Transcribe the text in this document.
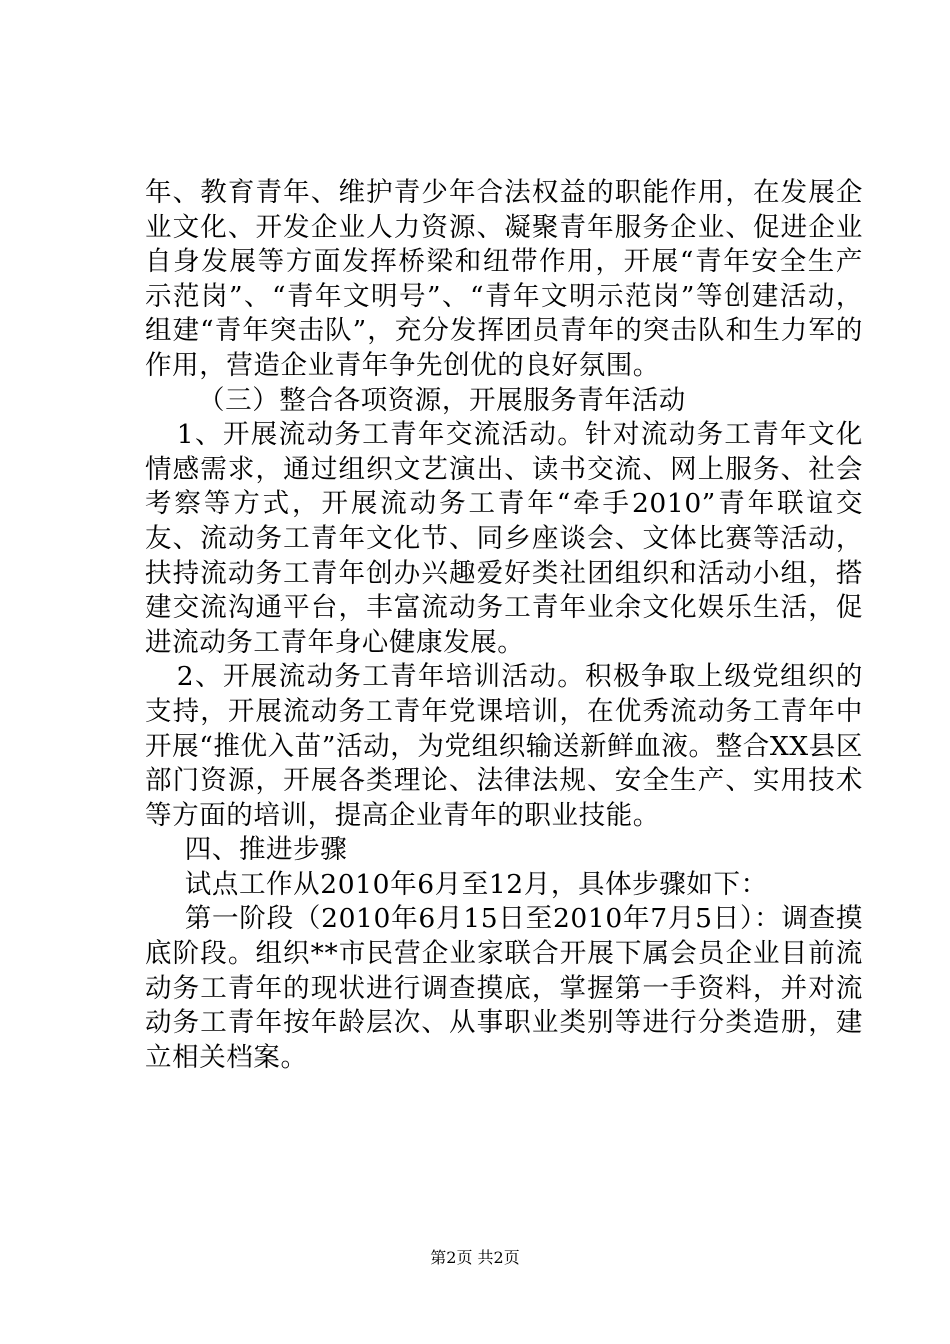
年、教育青年、维护青少年合法权益的职能作用，在发展企业文化、开发企业人力资源、凝聚青年服务企业、促进企业自身发展等方面发挥桥梁和纽带作用，开展“青年安全生产示范岗”、“青年文明号”、“青年文明示范岗”等创建活动，组建“青年突击队”，充分发挥团员青年的突击队和生力军的作用，营造企业青年争先创优的良好氛围。

（三）整合各项资源，开展服务青年活动

1、开展流动务工青年交流活动。针对流动务工青年文化情感需求，通过组织文艺演出、读书交流、网上服务、社会考察等方式，开展流动务工青年“牵手2010”青年联谊交友、流动务工青年文化节、同乡座谈会、文体比赛等活动，扶持流动务工青年创办兴趣爱好类社团组织和活动小组，搭建交流沟通平台，丰富流动务工青年业余文化娱乐生活，促进流动务工青年身心健康发展。

2、开展流动务工青年培训活动。积极争取上级党组织的支持，开展流动务工青年党课培训，在优秀流动务工青年中开展“推优入苗”活动，为党组织输送新鲜血液。整合XX县区部门资源，开展各类理论、法律法规、安全生产、实用技术等方面的培训，提高企业青年的职业技能。

四、推进步骤

试点工作从2010年6月至12月，具体步骤如下：

第一阶段（2010年6月15日至2010年7月5日）：调查摸底阶段。组织**市民营企业家联合开展下属会员企业目前流动务工青年的现状进行调查摸底，掌握第一手资料，并对流动务工青年按年龄层次、从事职业类别等进行分类造册，建立相关档案。

第2页 共2页
